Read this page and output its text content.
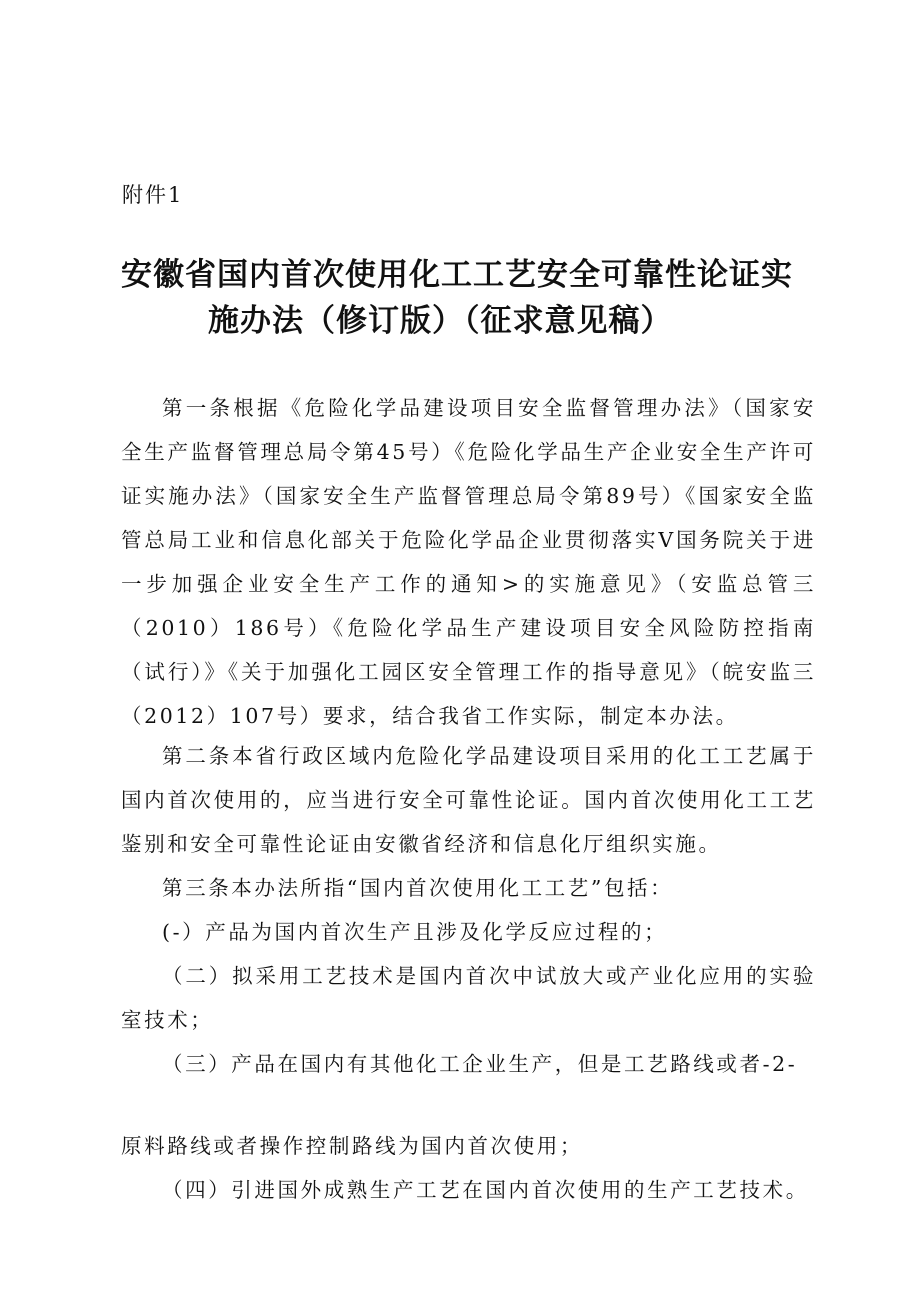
附件1
安徽省国内首次使用化工工艺安全可靠性论证实
施办法（修订版）（征求意见稿）

第一条根据《危险化学品建设项目安全监督管理办法》（国家安全生产监督管理总局令第45号）《危险化学品生产企业安全生产许可证实施办法》（国家安全生产监督管理总局令第89号）《国家安全监管总局工业和信息化部关于危险化学品企业贯彻落实V国务院关于进一步加强企业安全生产工作的通知>的实施意见》（安监总管三（2010）186号）《危险化学品生产建设项目安全风险防控指南（试行）》《关于加强化工园区安全管理工作的指导意见》（皖安监三（2012）107号）要求，结合我省工作实际，制定本办法。

第二条本省行政区域内危险化学品建设项目采用的化工工艺属于国内首次使用的，应当进行安全可靠性论证。国内首次使用化工工艺鉴别和安全可靠性论证由安徽省经济和信息化厅组织实施。

第三条本办法所指“国内首次使用化工工艺”包括：

(-）产品为国内首次生产且涉及化学反应过程的；

（二）拟采用工艺技术是国内首次中试放大或产业化应用的实验室技术；

（三）产品在国内有其他化工企业生产，但是工艺路线或者-2-

原料路线或者操作控制路线为国内首次使用；

（四）引进国外成熟生产工艺在国内首次使用的生产工艺技术。
